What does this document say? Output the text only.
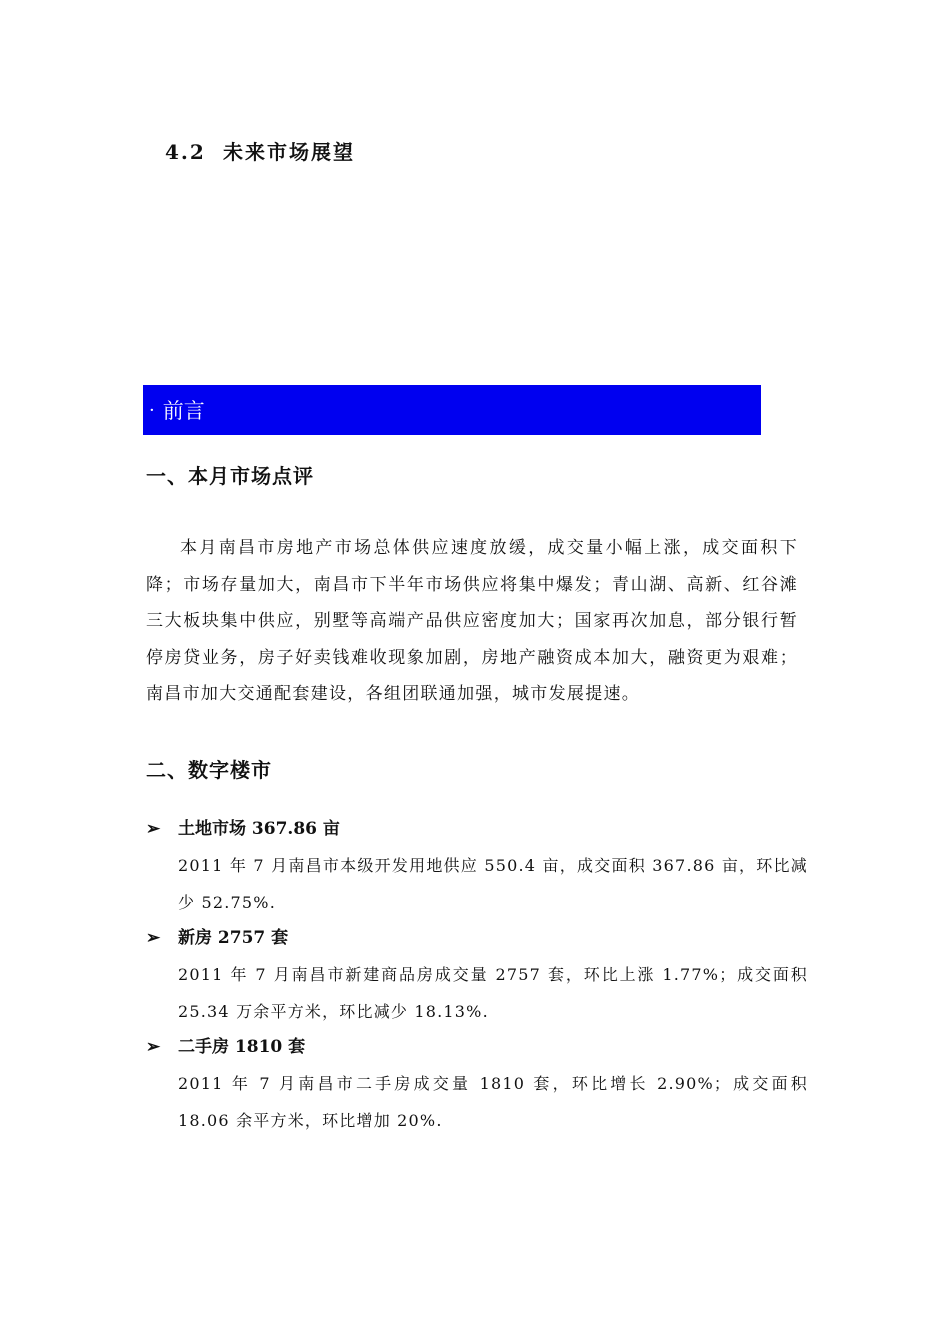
4.2 未来市场展望
· 前言
一、本月市场点评

本月南昌市房地产市场总体供应速度放缓，成交量小幅上涨，成交面积下降；市场存量加大，南昌市下半年市场供应将集中爆发；青山湖、高新、红谷滩三大板块集中供应，别墅等高端产品供应密度加大；国家再次加息，部分银行暂停房贷业务，房子好卖钱难收现象加剧，房地产融资成本加大，融资更为艰难；南昌市加大交通配套建设，各组团联通加强，城市发展提速。

二、数字楼市
➢ 土地市场 367.86 亩

2011 年 7 月南昌市本级开发用地供应 550.4 亩，成交面积 367.86 亩，环比减少 52.75%.

➢ 新房 2757 套

2011 年 7 月南昌市新建商品房成交量 2757 套，环比上涨 1.77%；成交面积 25.34 万余平方米，环比减少 18.13%.

➢ 二手房 1810 套

2011 年 7 月南昌市二手房成交量 1810 套，环比增长 2.90%；成交面积 18.06 余平方米，环比增加 20%.
